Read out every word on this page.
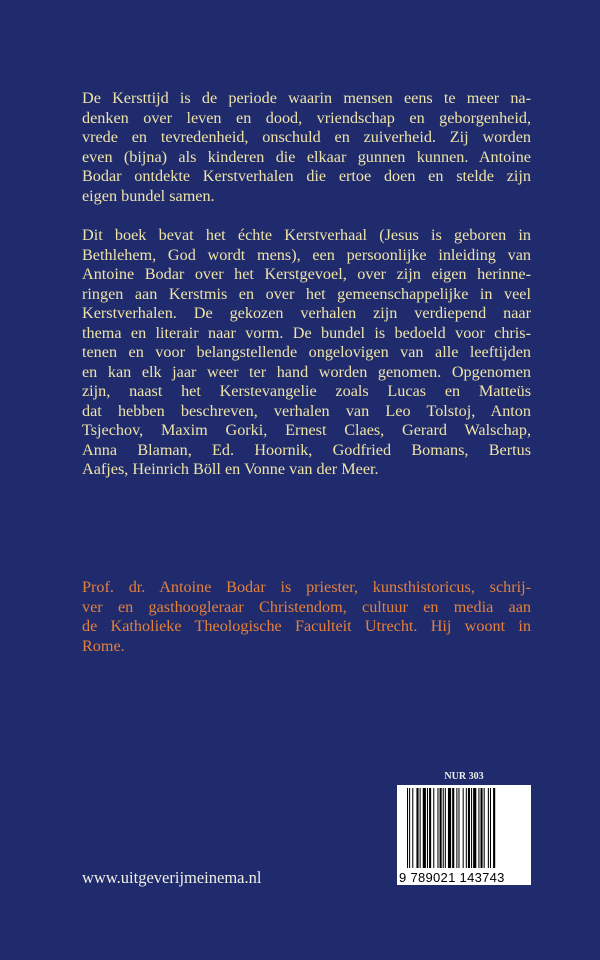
De Kersttijd is de periode waarin mensen eens te meer na-
denken over leven en dood, vriendschap en geborgenheid,
vrede en tevredenheid, onschuld en zuiverheid. Zij worden
even (bijna) als kinderen die elkaar gunnen kunnen. Antoine
Bodar ontdekte Kerstverhalen die ertoe doen en stelde zijn
eigen bundel samen.
Dit boek bevat het échte Kerstverhaal (Jesus is geboren in
Bethlehem, God wordt mens), een persoonlijke inleiding van
Antoine Bodar over het Kerstgevoel, over zijn eigen herinne-
ringen aan Kerstmis en over het gemeenschappelijke in veel
Kerstverhalen. De gekozen verhalen zijn verdiepend naar
thema en literair naar vorm. De bundel is bedoeld voor chris-
tenen en voor belangstellende ongelovigen van alle leeftijden
en kan elk jaar weer ter hand worden genomen. Opgenomen
zijn, naast het Kerstevangelie zoals Lucas en Matteüs
dat hebben beschreven, verhalen van Leo Tolstoj, Anton
Tsjechov, Maxim Gorki, Ernest Claes, Gerard Walschap,
Anna Blaman, Ed. Hoornik, Godfried Bomans, Bertus
Aafjes, Heinrich Böll en Vonne van der Meer.
Prof. dr. Antoine Bodar is priester, kunsthistoricus, schrij-
ver en gasthoogleraar Christendom, cultuur en media aan
de Katholieke Theologische Faculteit Utrecht. Hij woont in
Rome.
www.uitgeverijmeinema.nl
NUR 303
9 789021 143743
